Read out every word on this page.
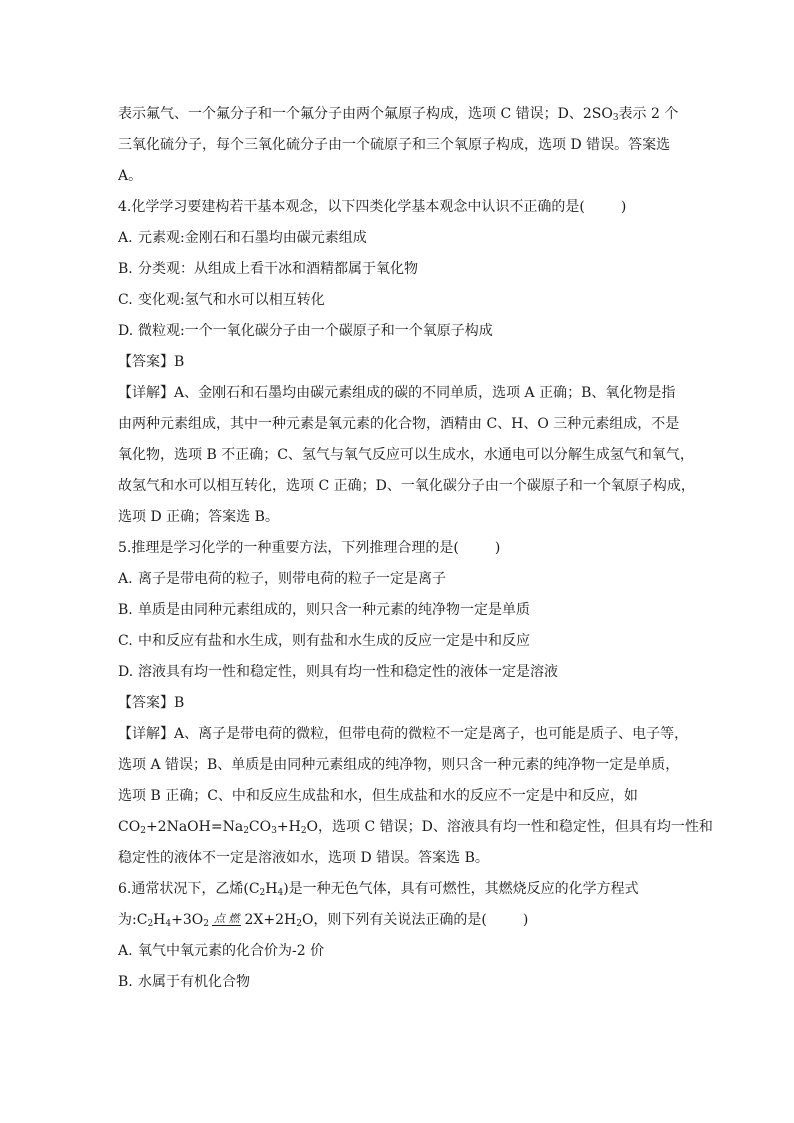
表示氟气、一个氟分子和一个氟分子由两个氟原子构成，选项 C 错误；D、$2SO_3$表示 2 个
三氧化硫分子，每个三氧化硫分子由一个硫原子和三个氧原子构成，选项 D 错误。答案选
A。
4.化学学习要建构若干基本观念，以下四类化学基本观念中认识不正确的是(	)
A. 元素观:金刚石和石墨均由碳元素组成
B. 分类观：从组成上看干冰和酒精都属于氧化物
C. 变化观:氢气和水可以相互转化
D. 微粒观:一个一氧化碳分子由一个碳原子和一个氧原子构成
【答案】B
【详解】A、金刚石和石墨均由碳元素组成的碳的不同单质，选项 A 正确；B、氧化物是指
由两种元素组成，其中一种元素是氧元素的化合物，酒精由 C、H、O 三种元素组成，不是
氧化物，选项 B 不正确；C、氢气与氧气反应可以生成水，水通电可以分解生成氢气和氧气，
故氢气和水可以相互转化，选项 C 正确；D、一氧化碳分子由一个碳原子和一个氧原子构成，
选项 D 正确；答案选 B。
5.推理是学习化学的一种重要方法，下列推理合理的是(	)
A. 离子是带电荷的粒子，则带电荷的粒子一定是离子
B. 单质是由同种元素组成的，则只含一种元素的纯净物一定是单质
C. 中和反应有盐和水生成，则有盐和水生成的反应一定是中和反应
D. 溶液具有均一性和稳定性，则具有均一性和稳定性的液体一定是溶液
【答案】B
【详解】A、离子是带电荷的微粒，但带电荷的微粒不一定是离子，也可能是质子、电子等，
选项 A 错误；B、单质是由同种元素组成的纯净物，则只含一种元素的纯净物一定是单质，
选项 B 正确；C、中和反应生成盐和水，但生成盐和水的反应不一定是中和反应，如
$CO_2+2NaOH=Na_2CO_3+H_2O$，选项 C 错误；D、溶液具有均一性和稳定性，但具有均一性和
稳定性的液体不一定是溶液如水，选项 D 错误。答案选 B。
6.通常状况下，乙烯$(C_2H_4)$是一种无色气体，具有可燃性，其燃烧反应的化学方程式
为$:C_2H_4+3O_2$ 点 燃 $2X+2H_2O$，则下列有关说法正确的是(	)
A. 氧气中氧元素的化合价为-2 价
B. 水属于有机化合物
